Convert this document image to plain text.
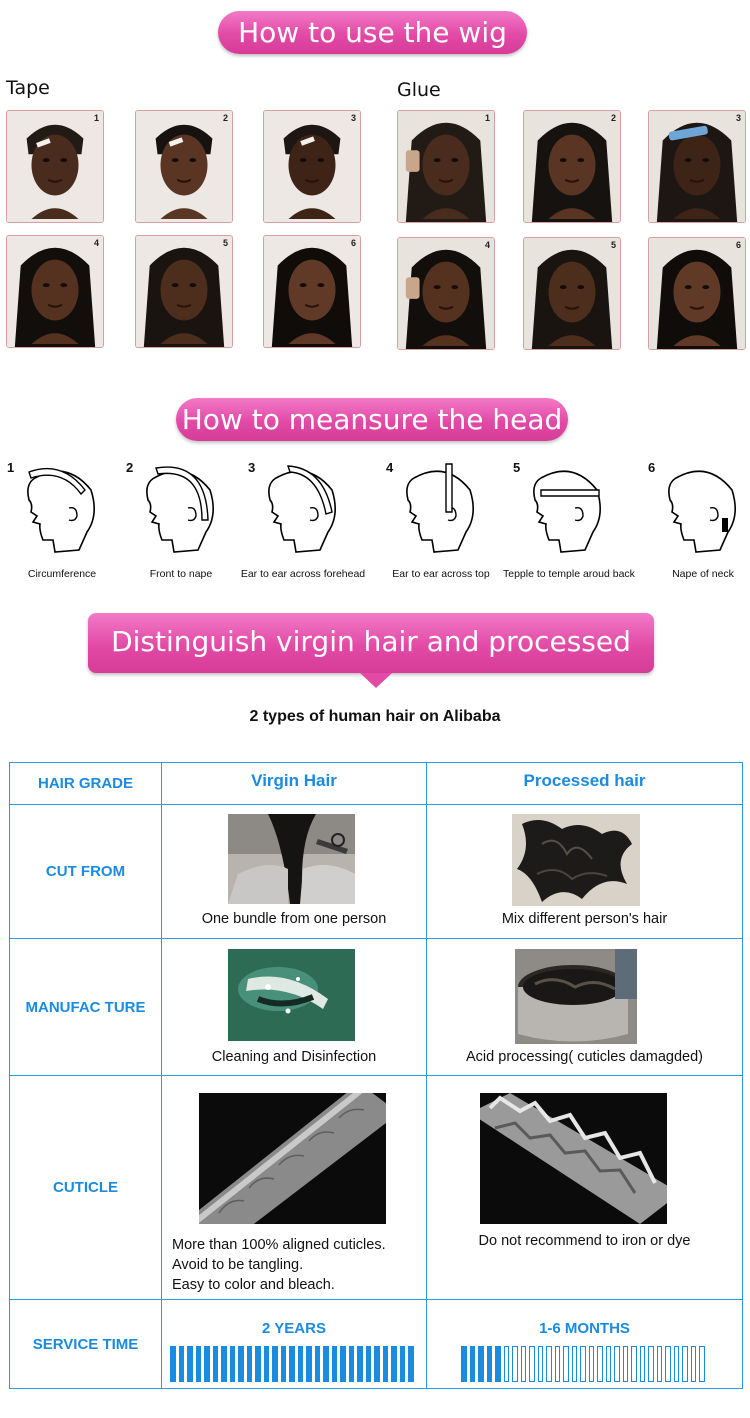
How to use the wig
Tape	Glue
1	2	3
4	5	6
1	2	3
4	5	6
How to meansure the head
1
Circumference
2
Front to nape
3
Ear to ear across forehead
4
Ear to ear across top
5
Tepple to temple aroud back
6
Nape of neck
Distinguish virgin hair and processed hair
2 types of human hair on Alibaba
HAIR GRADE	Virgin Hair	Processed hair
CUT FROM	One bundle from one person	Mix different person's hair

MANUFAC TURE	Cleaning and Disinfection	Acid processing( cuticles damagded)

CUTICLE	More than 100% aligned cuticles.
Avoid to be tangling.
Easy to color and bleach.	Do not recommend to iron or dye

SERVICE TIME	2 YEARS	1-6 MONTHS
